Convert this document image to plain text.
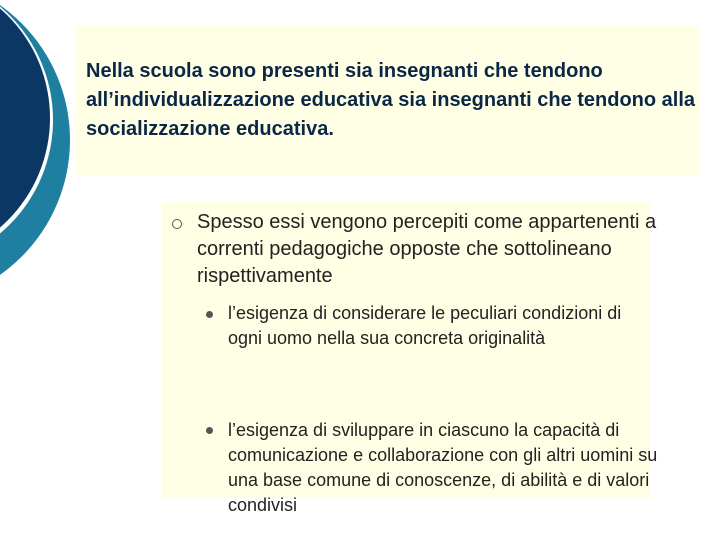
Nella scuola sono presenti sia insegnanti che tendono all’individualizzazione educativa sia insegnanti che tendono alla socializzazione educativa.

Spesso essi vengono percepiti come appartenenti a correnti pedagogiche opposte che sottolineano rispettivamente
l’esigenza di considerare le peculiari condizioni di ogni uomo nella sua concreta originalità
l’esigenza di sviluppare in ciascuno la capacità di comunicazione e collaborazione con gli altri uomini su una base comune di conoscenze, di abilità e di valori condivisi
